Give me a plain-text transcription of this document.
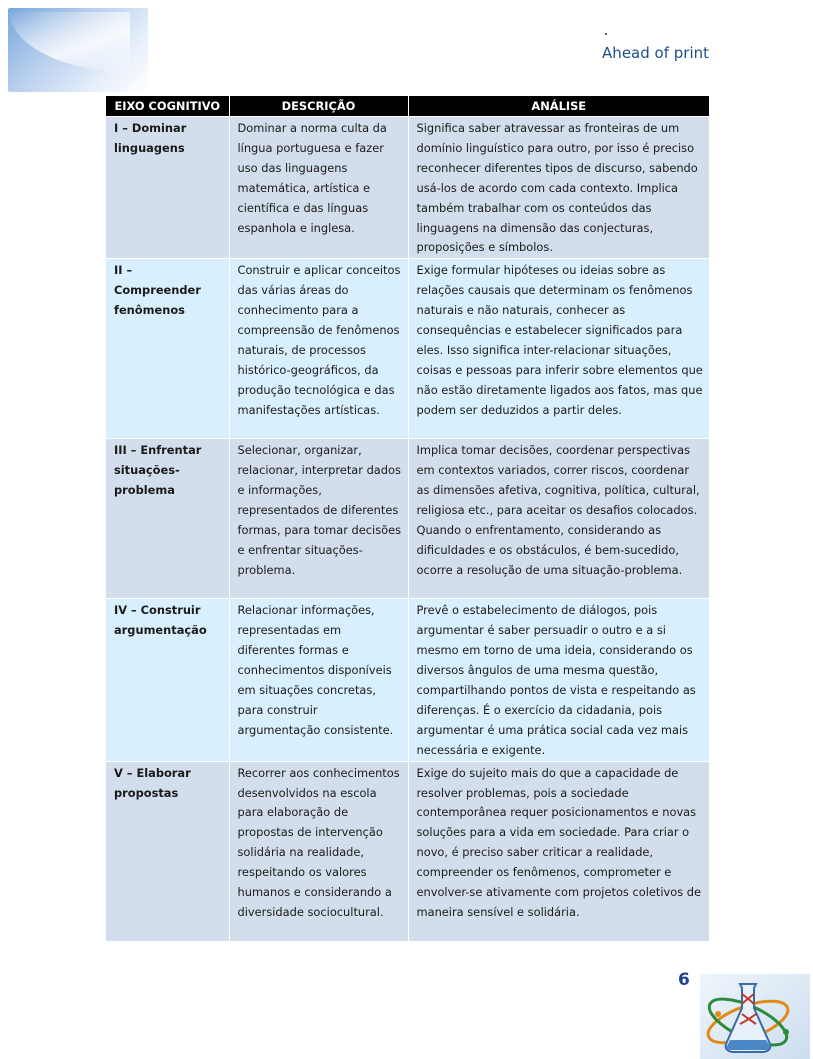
Ahead of print
EIXO COGNITIVO	DESCRIÇÃO	ANÁLISE
I – Dominar linguagens	Dominar a norma culta da língua portuguesa e fazer uso das linguagens matemática, artística e científica e das línguas espanhola e inglesa.	Significa saber atravessar as fronteiras de um domínio linguístico para outro, por isso é preciso reconhecer diferentes tipos de discurso, sabendo usá-los de acordo com cada contexto. Implica também trabalhar com os conteúdos das linguagens na dimensão das conjecturas, proposições e símbolos.
II – Compreender fenômenos	Construir e aplicar conceitos das várias áreas do conhecimento para a compreensão de fenômenos naturais, de processos histórico-geográficos, da produção tecnológica e das manifestações artísticas.	Exige formular hipóteses ou ideias sobre as relações causais que determinam os fenômenos naturais e não naturais, conhecer as consequências e estabelecer significados para eles. Isso significa inter-relacionar situações, coisas e pessoas para inferir sobre elementos que não estão diretamente ligados aos fatos, mas que podem ser deduzidos a partir deles.
III – Enfrentar situações-problema	Selecionar, organizar, relacionar, interpretar dados e informações, representados de diferentes formas, para tomar decisões e enfrentar situações-problema.	Implica tomar decisões, coordenar perspectivas em contextos variados, correr riscos, coordenar as dimensões afetiva, cognitiva, política, cultural, religiosa etc., para aceitar os desafios colocados. Quando o enfrentamento, considerando as dificuldades e os obstáculos, é bem-sucedido, ocorre a resolução de uma situação-problema.
IV – Construir argumentação	Relacionar informações, representadas em diferentes formas e conhecimentos disponíveis em situações concretas, para construir argumentação consistente.	Prevê o estabelecimento de diálogos, pois argumentar é saber persuadir o outro e a si mesmo em torno de uma ideia, considerando os diversos ângulos de uma mesma questão, compartilhando pontos de vista e respeitando as diferenças. É o exercício da cidadania, pois argumentar é uma prática social cada vez mais necessária e exigente.
V – Elaborar propostas	Recorrer aos conhecimentos desenvolvidos na escola para elaboração de propostas de intervenção solidária na realidade, respeitando os valores humanos e considerando a diversidade sociocultural.	Exige do sujeito mais do que a capacidade de resolver problemas, pois a sociedade contemporânea requer posicionamentos e novas soluções para a vida em sociedade. Para criar o novo, é preciso saber criticar a realidade, compreender os fenômenos, comprometer e envolver-se ativamente com projetos coletivos de maneira sensível e solidária.
6
